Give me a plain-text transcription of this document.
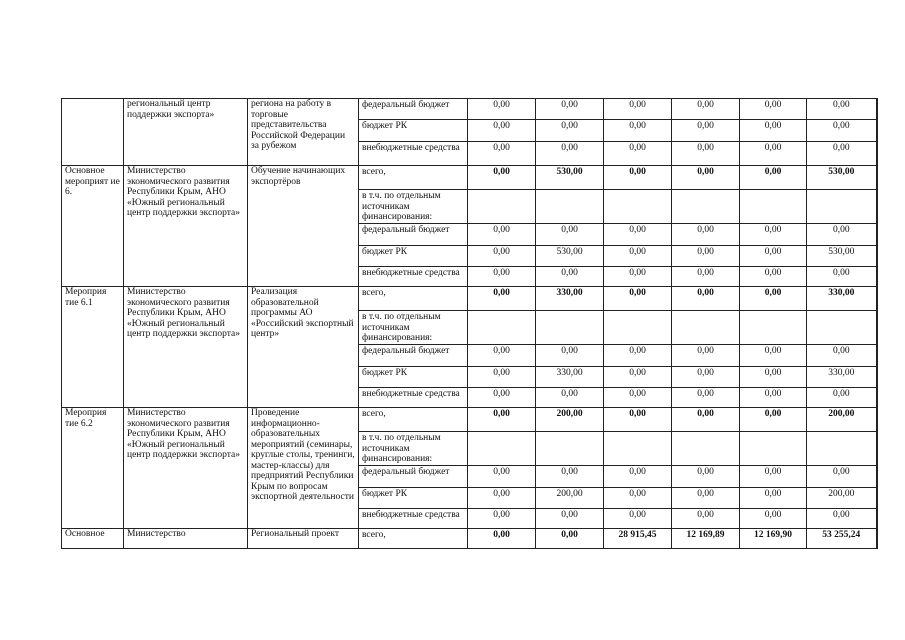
	региональный центр поддержки экспорта»	региона на работу в торговые представительства Российской Федерации за рубежом	федеральный бюджет	0,00	0,00	0,00	0,00	0,00	0,00
			бюджет РК	0,00	0,00	0,00	0,00	0,00	0,00
			внебюджетные средства	0,00	0,00	0,00	0,00	0,00	0,00
Основное мероприят ие 6.	Министерство экономического развития Республики Крым, АНО «Южный региональный центр поддержки экспорта»	Обучение начинающих экспортёров	всего,	0,00	530,00	0,00	0,00	0,00	530,00
			в т.ч. по отдельным источникам финансирования:						
			федеральный бюджет	0,00	0,00	0,00	0,00	0,00	0,00
			бюджет РК	0,00	530,00	0,00	0,00	0,00	530,00
			внебюджетные средства	0,00	0,00	0,00	0,00	0,00	0,00
Мероприя тие 6.1	Министерство экономического развития Республики Крым, АНО «Южный региональный центр поддержки экспорта»	Реализация образовательной программы АО «Российский экспортный центр»	всего,	0,00	330,00	0,00	0,00	0,00	330,00
			в т.ч. по отдельным источникам финансирования:						
			федеральный бюджет	0,00	0,00	0,00	0,00	0,00	0,00
			бюджет РК	0,00	330,00	0,00	0,00	0,00	330,00
			внебюджетные средства	0,00	0,00	0,00	0,00	0,00	0,00
Мероприя тие 6.2	Министерство экономического развития Республики Крым, АНО «Южный региональный центр поддержки экспорта»	Проведение информационно-образовательных мероприятий (семинары, круглые столы, тренинги, мастер-классы) для предприятий Республики Крым по вопросам экспортной деятельности	всего,	0,00	200,00	0,00	0,00	0,00	200,00
			в т.ч. по отдельным источникам финансирования:						
			федеральный бюджет	0,00	0,00	0,00	0,00	0,00	0,00
			бюджет РК	0,00	200,00	0,00	0,00	0,00	200,00
			внебюджетные средства	0,00	0,00	0,00	0,00	0,00	0,00
Основное	Министерство	Региональный проект	всего,	0,00	0,00	28 915,45	12 169,89	12 169,90	53 255,24
